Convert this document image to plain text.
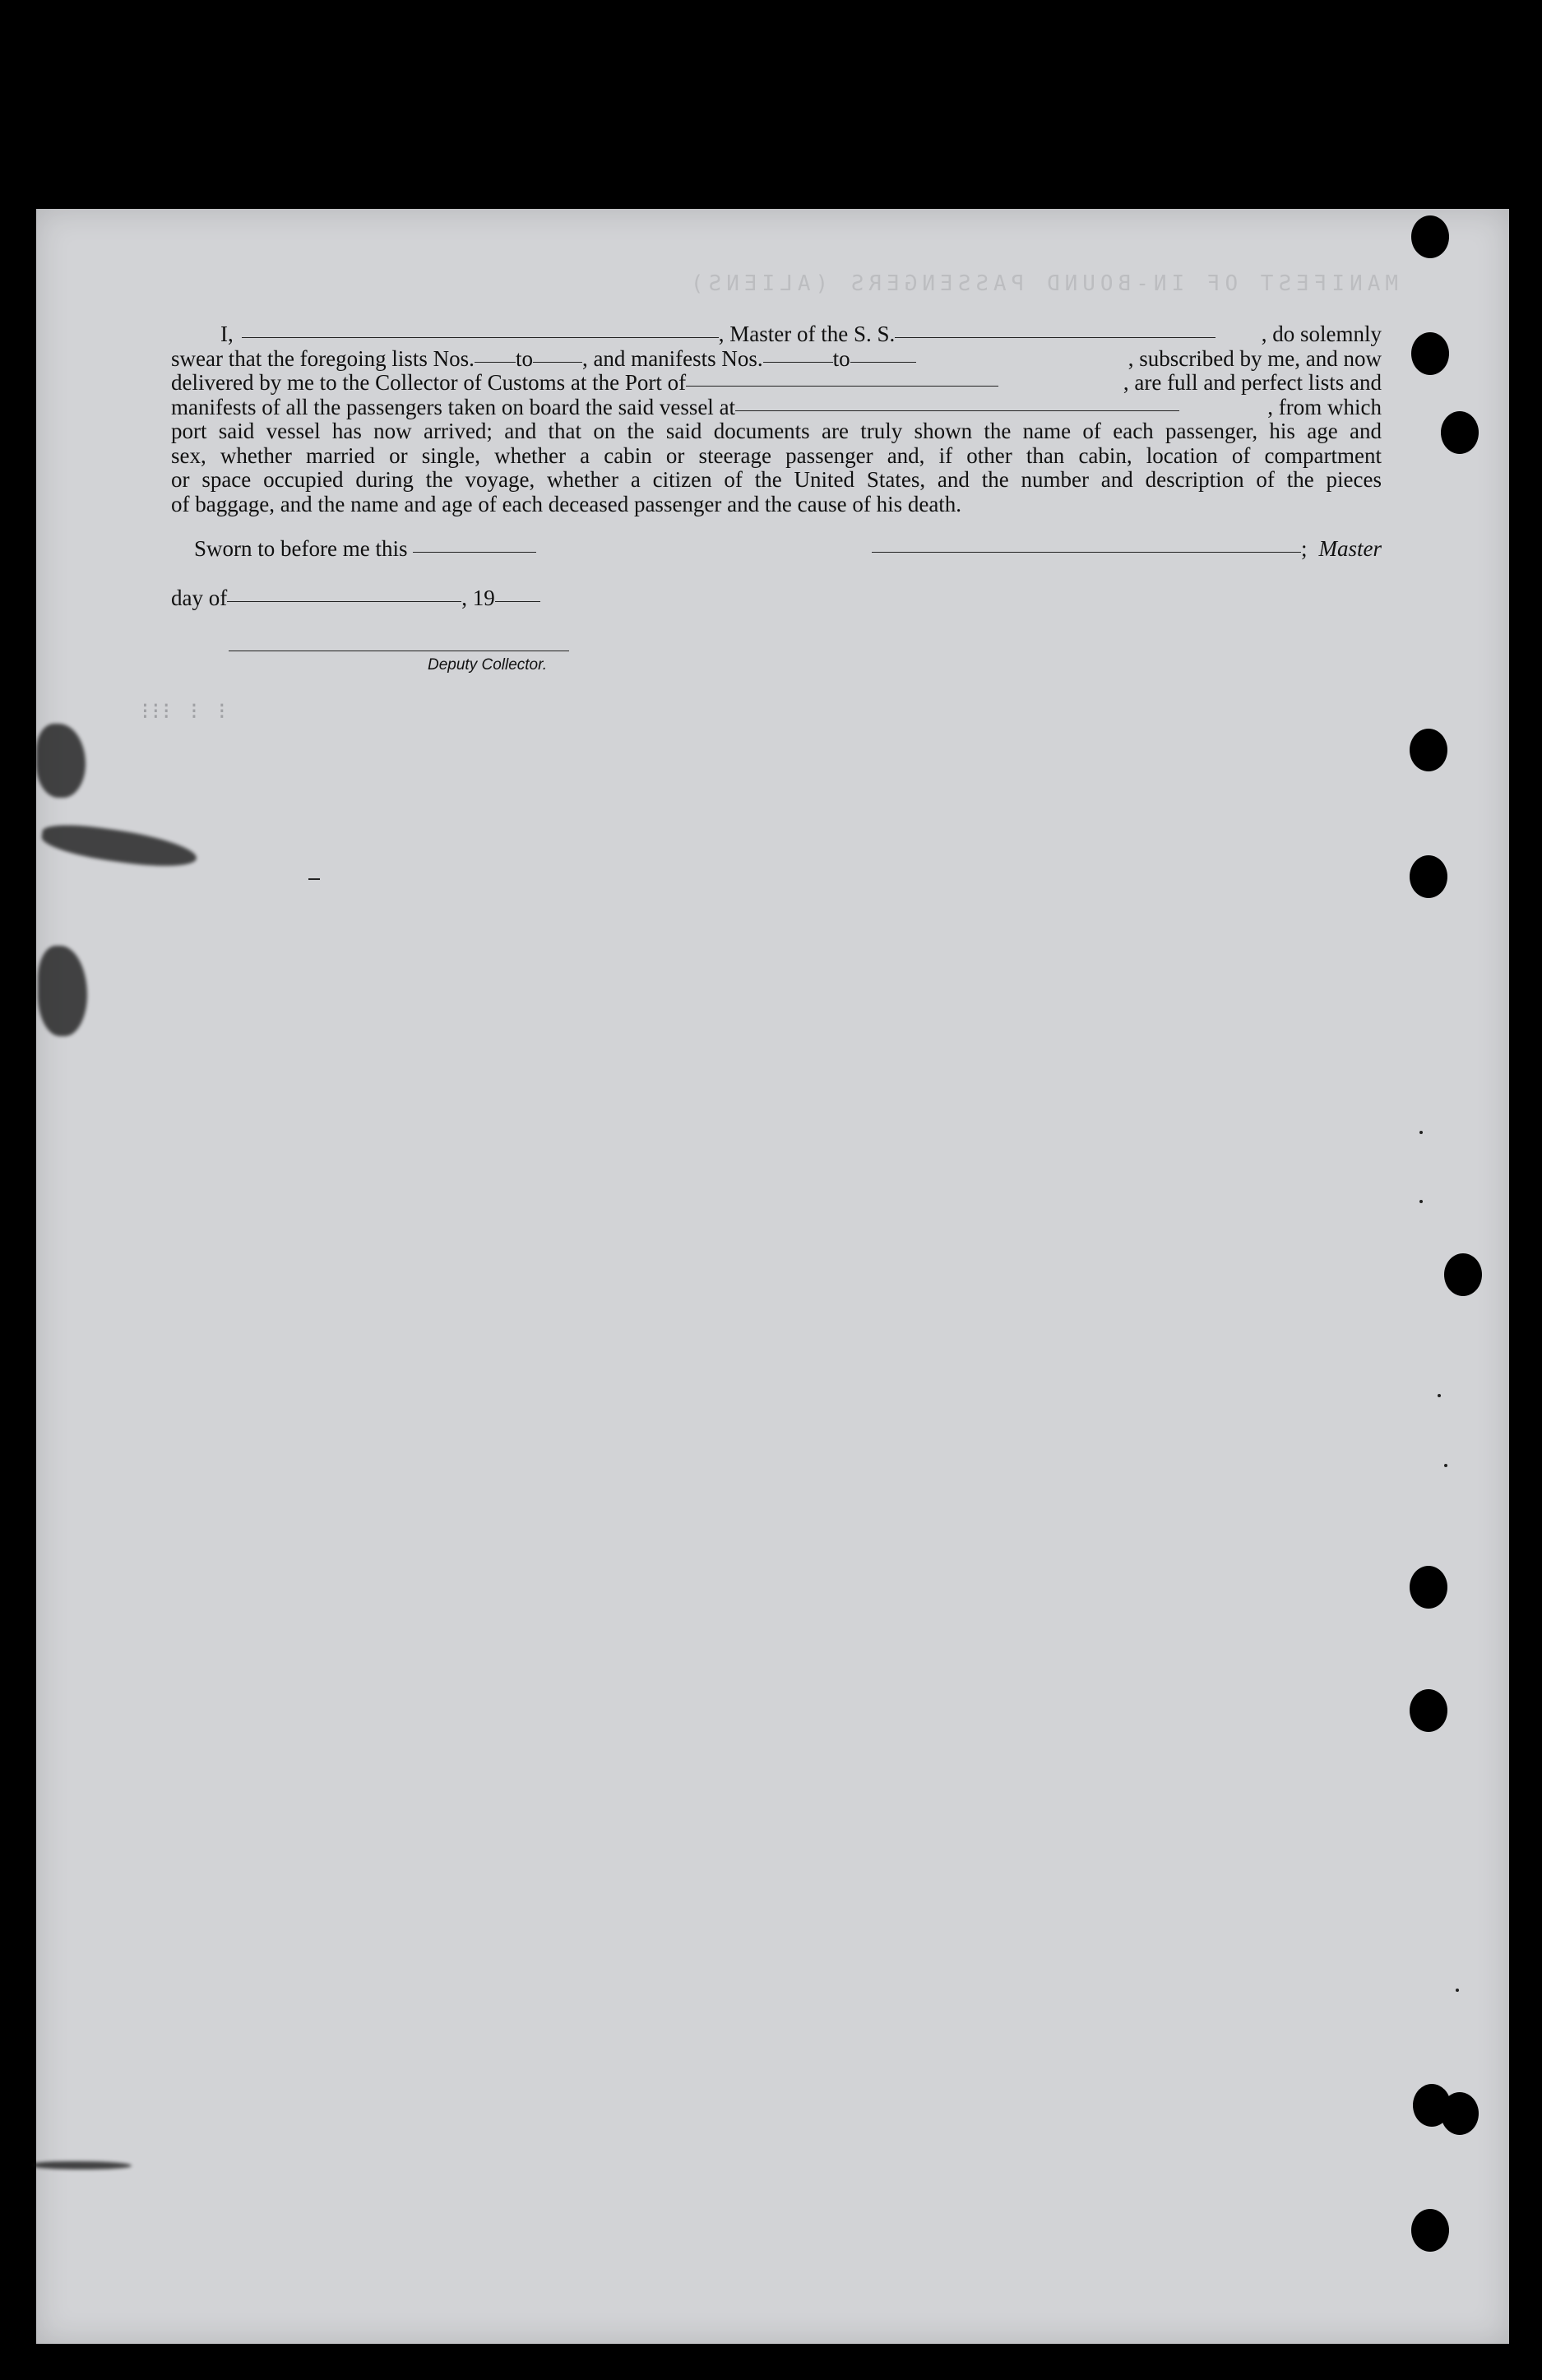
MANIFEST OF IN-BOUND PASSENGERS (ALIENS)
I,	, Master of the S. S.	, do solemnly
swear that the foregoing lists Nos. to , and manifests Nos.	to	, subscribed by me, and now
delivered by me to the Collector of Customs at the Port of	, are full and perfect lists and
manifests of all the passengers taken on board the said vessel at	, from which
port said vessel has now arrived; and that on the said documents are truly shown the name of each passenger, his age and
sex, whether married or single, whether a cabin or steerage passenger and, if other than cabin, location of compartment
or space occupied during the voyage, whether a citizen of the United States, and the number and description of the pieces
of baggage, and the name and age of each deceased passenger and the cause of his death.
Sworn to before me this	; Master
day of	, 19
Deputy Collector.
⁝⁝⁝ ⁝ ⁝
